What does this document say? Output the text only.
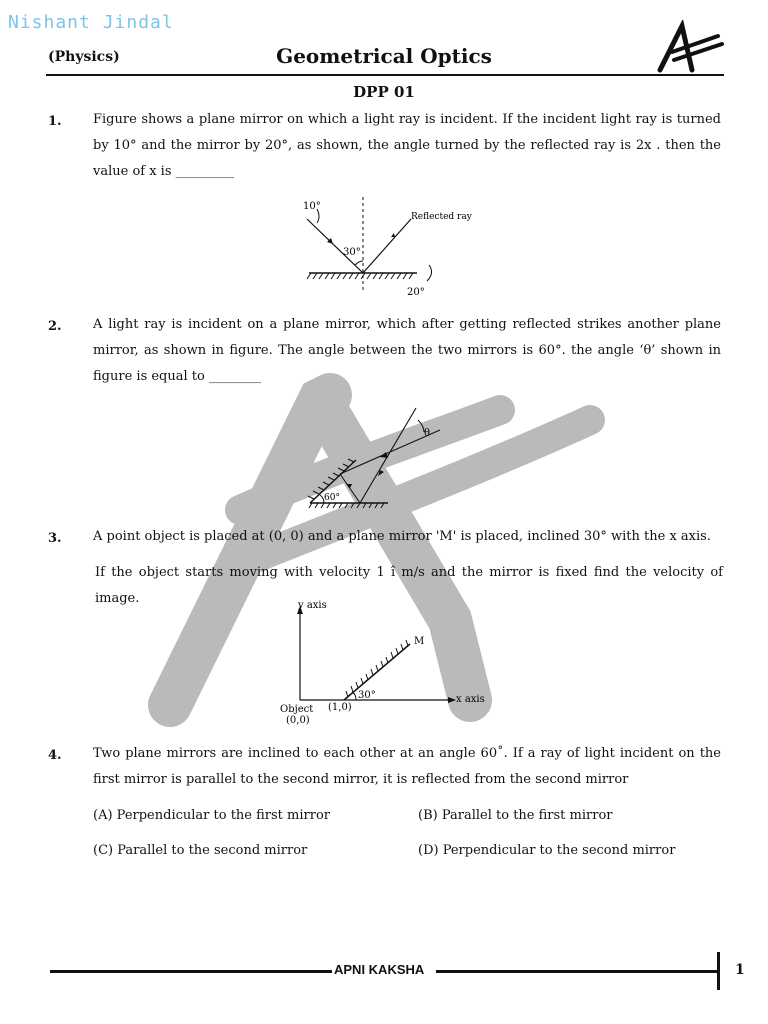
Nishant Jindal
(Physics)	Geometrical Optics
DPP 01
1. Figure shows a plane mirror on which a light ray is incident. If the incident light ray is turned by 10° and the mirror by 20°, as shown, the angle turned by the reflected ray is 2x . then the value of x is _________
10°
30°
20°
Reflected ray
2. A light ray is incident on a plane mirror, which after getting reflected strikes another plane mirror, as shown in figure. The angle between the two mirrors is 60°. the angle ‘θ’ shown in figure is equal to ________
θ
60°
3. A point object is placed at (0, 0) and a plane mirror 'M' is placed, inclined 30° with the x axis.
If the object starts moving with velocity 1 î m/s and the mirror is fixed find the velocity of image.	y axis
x axis
M
30°
(1,0)
Object
(0,0)
4. Two plane mirrors are inclined to each other at an angle 60˚. If a ray of light incident on the first mirror is parallel to the second mirror, it is reflected from the second mirror
(A) Perpendicular to the first mirror	(B) Parallel to the first mirror
(C) Parallel to the second mirror	(D) Perpendicular to the second mirror
APNI KAKSHA	1
